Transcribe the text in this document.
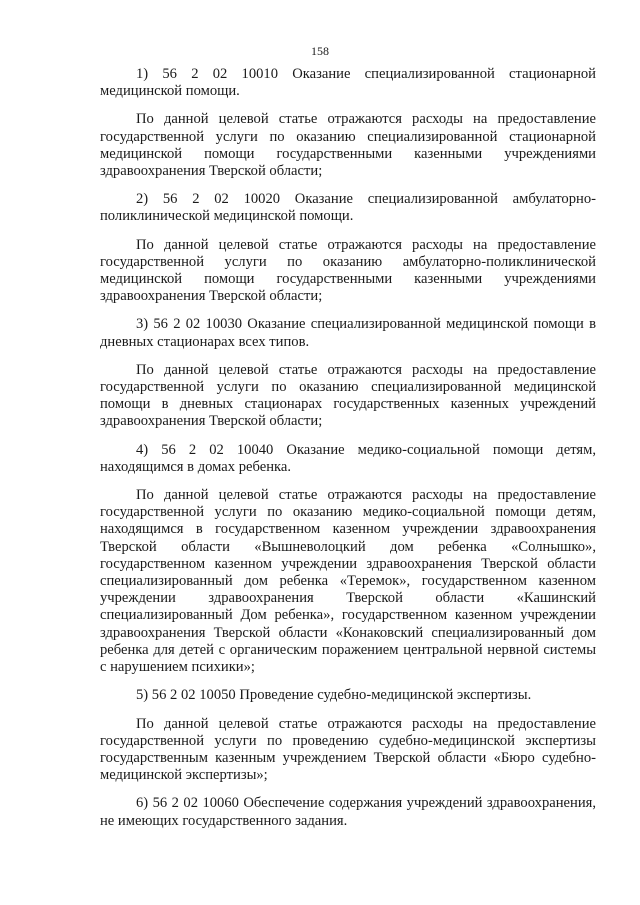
158

1) 56 2 02 10010 Оказание специализированной стационарной медицинской помощи.

По данной целевой статье отражаются расходы на предоставление государственной услуги по оказанию специализированной стационарной медицинской помощи государственными казенными учреждениями здравоохранения Тверской области;

2) 56 2 02 10020 Оказание специализированной амбулаторно-поликлинической медицинской помощи.

По данной целевой статье отражаются расходы на предоставление государственной услуги по оказанию амбулаторно-поликлинической медицинской помощи государственными казенными учреждениями здравоохранения Тверской области;

3) 56 2 02 10030 Оказание специализированной медицинской помощи в дневных стационарах всех типов.

По данной целевой статье отражаются расходы на предоставление государственной услуги по оказанию специализированной медицинской помощи в дневных стационарах государственных казенных учреждений здравоохранения Тверской области;

4) 56 2 02 10040 Оказание медико-социальной помощи детям, находящимся в домах ребенка.

По данной целевой статье отражаются расходы на предоставление государственной услуги по оказанию медико-социальной помощи детям, находящимся в государственном казенном учреждении здравоохранения Тверской области «Вышневолоцкий дом ребенка «Солнышко», государственном казенном учреждении здравоохранения Тверской области специализированный дом ребенка «Теремок», государственном казенном учреждении здравоохранения Тверской области «Кашинский специализированный Дом ребенка», государственном казенном учреждении здравоохранения Тверской области «Конаковский специализированный дом ребенка для детей с органическим поражением центральной нервной системы с нарушением психики»;

5) 56 2 02 10050 Проведение судебно-медицинской экспертизы.

По данной целевой статье отражаются расходы на предоставление государственной услуги по проведению судебно-медицинской экспертизы государственным казенным учреждением Тверской области «Бюро судебно-медицинской экспертизы»;

6) 56 2 02 10060 Обеспечение содержания учреждений здравоохранения, не имеющих государственного задания.
